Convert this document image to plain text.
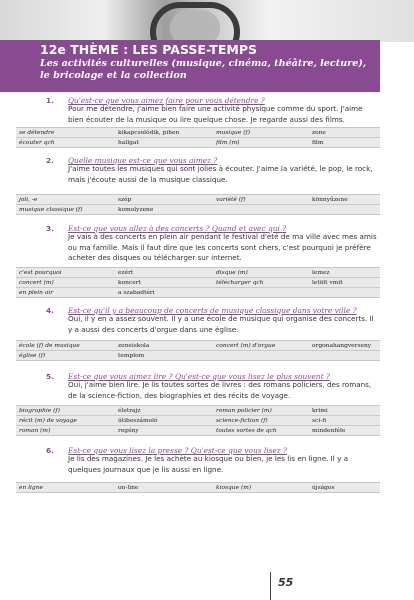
12e THÈME : LES PASSE-TEMPS
Les activités culturelles (musique, cinéma, théâtre, lecture), le bricolage et la collection
1. Qu'est-ce que vous aimez faire pour vous détendre ?
Pour me détendre, j'aime bien faire une activité physique comme du sport. J'aime bien écouter de la musique ou lire quelque chose. Je regarde aussi des films.
se détendre	kikapcsolódik, pihen	musique (f)	zene
écouter qch	hallgat	film (m)	film
2. Quelle musique est-ce que vous aimez ?
J'aime toutes les musiques qui sont jolies à écouter. J'aime la variété, le pop, le rock, mais j'écoute aussi de la musique classique.
joli, -e	szép	variété (f)	könnyűzene
musique classique (f)	komolyzene
3. Est-ce que vous allez à des concerts ? Quand et avec qui ?
Je vais à des concerts en plein air pendant le festival d'été de ma ville avec mes amis ou ma famille. Mais il faut dire que les concerts sont chers, c'est pourquoi je préfère acheter des disques ou télécharger sur internet.
c'est pourquoi	ezért	disque (m)	lemez
concert (m)	koncert	télécharger qch	letölt vmit
en plein air	a szabadtéri
4. Est-ce qu'il y a beaucoup de concerts de musique classique dans votre ville ?
Oui, il y en a assez souvent. Il y a une école de musique qui organise des concerts. Il y a aussi des concerts d'orgue dans une église.
école (f) de musique	zeneiskola	concert (m) d'orgue	orgonahangverseny
église (f)	templom
5. Est-ce que vous aimez lire ? Qu'est-ce que vous lisez le plus souvent ?
Oui, j'aime bien lire. Je lis toutes sortes de livres : des romans policiers, des romans, de la science-fiction, des biographies et des récits de voyage.
biographie (f)	életrajz	roman policier (m)	krimi
récit (m) de voyage	útibeszámoló	science-fiction (f)	sci-fi
roman (m)	regény	toutes sortes de qch	mindenféle
6. Est-ce que vous lisez la presse ? Qu'est-ce que vous lisez ?
Je lis des magazines. Je les achète au kiosque ou bien, je les lis en ligne. Il y a quelques journaux que je lis aussi en ligne.
en ligne	on-line	kiosque (m)	újságos
55
